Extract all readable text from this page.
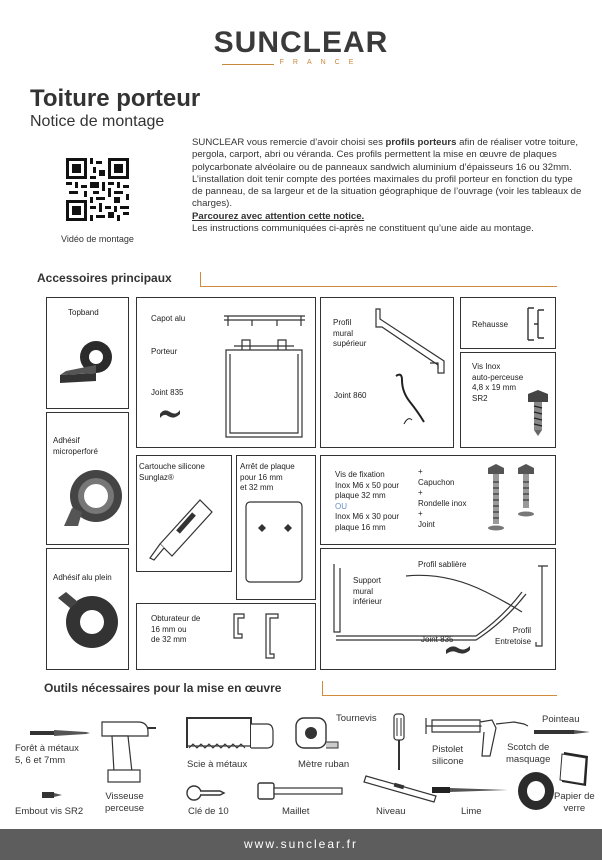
SUNCLEAR
FRANCE
Toiture porteur
Notice de montage
Vidéo de montage

SUNCLEAR vous remercie d’avoir choisi ses profils porteurs afin de réaliser votre toiture, pergola, carport, abri ou véranda. Ces profils permettent la mise en œuvre de plaques polycarbonate alvéolaire ou de panneaux sandwich aluminium d’épaisseurs 16 ou 32mm.

L’installation doit tenir compte des portées maximales du profil porteur en fonction du type de panneau, de sa largeur et de la situation géographique de l’ouvrage (voir les tableaux de charges).

Parcourez avec attention cette notice.

Les instructions communiquées ci-après ne constituent qu’une aide au montage.

Accessoires principaux
Topband
Capot alu
Porteur
Joint 835
Profil
mural
supérieur
Joint 860
Rehausse
Vis Inox
auto-perceuse
4,8 x 19 mm
SR2
Adhésif
microperforé
Cartouche silicone
Sunglaz®
Arrêt de plaque
pour 16 mm
et 32 mm
Vis de fixation
Inox M6 x 50 pour
plaque 32 mm
OU
Inox M6 x 30 pour
plaque 16 mm
+
Capuchon
+
Rondelle inox
+
Joint
Adhésif alu plein
Obturateur de
16 mm ou
de 32 mm
Profil sablière
Support
mural
inférieur
Joint 835
Profil
Entretoise
Outils nécessaires pour la mise en œuvre
Forêt à métaux
5, 6 et 7mm
Visseuse
perceuse
Scie à métaux	Mètre ruban
Tournevis
Pistolet
silicone
Pointeau
Scotch de
masquage
Papier de
verre
Embout vis SR2	Clé de 10	Maillet	Niveau	Lime
www.sunclear.fr
